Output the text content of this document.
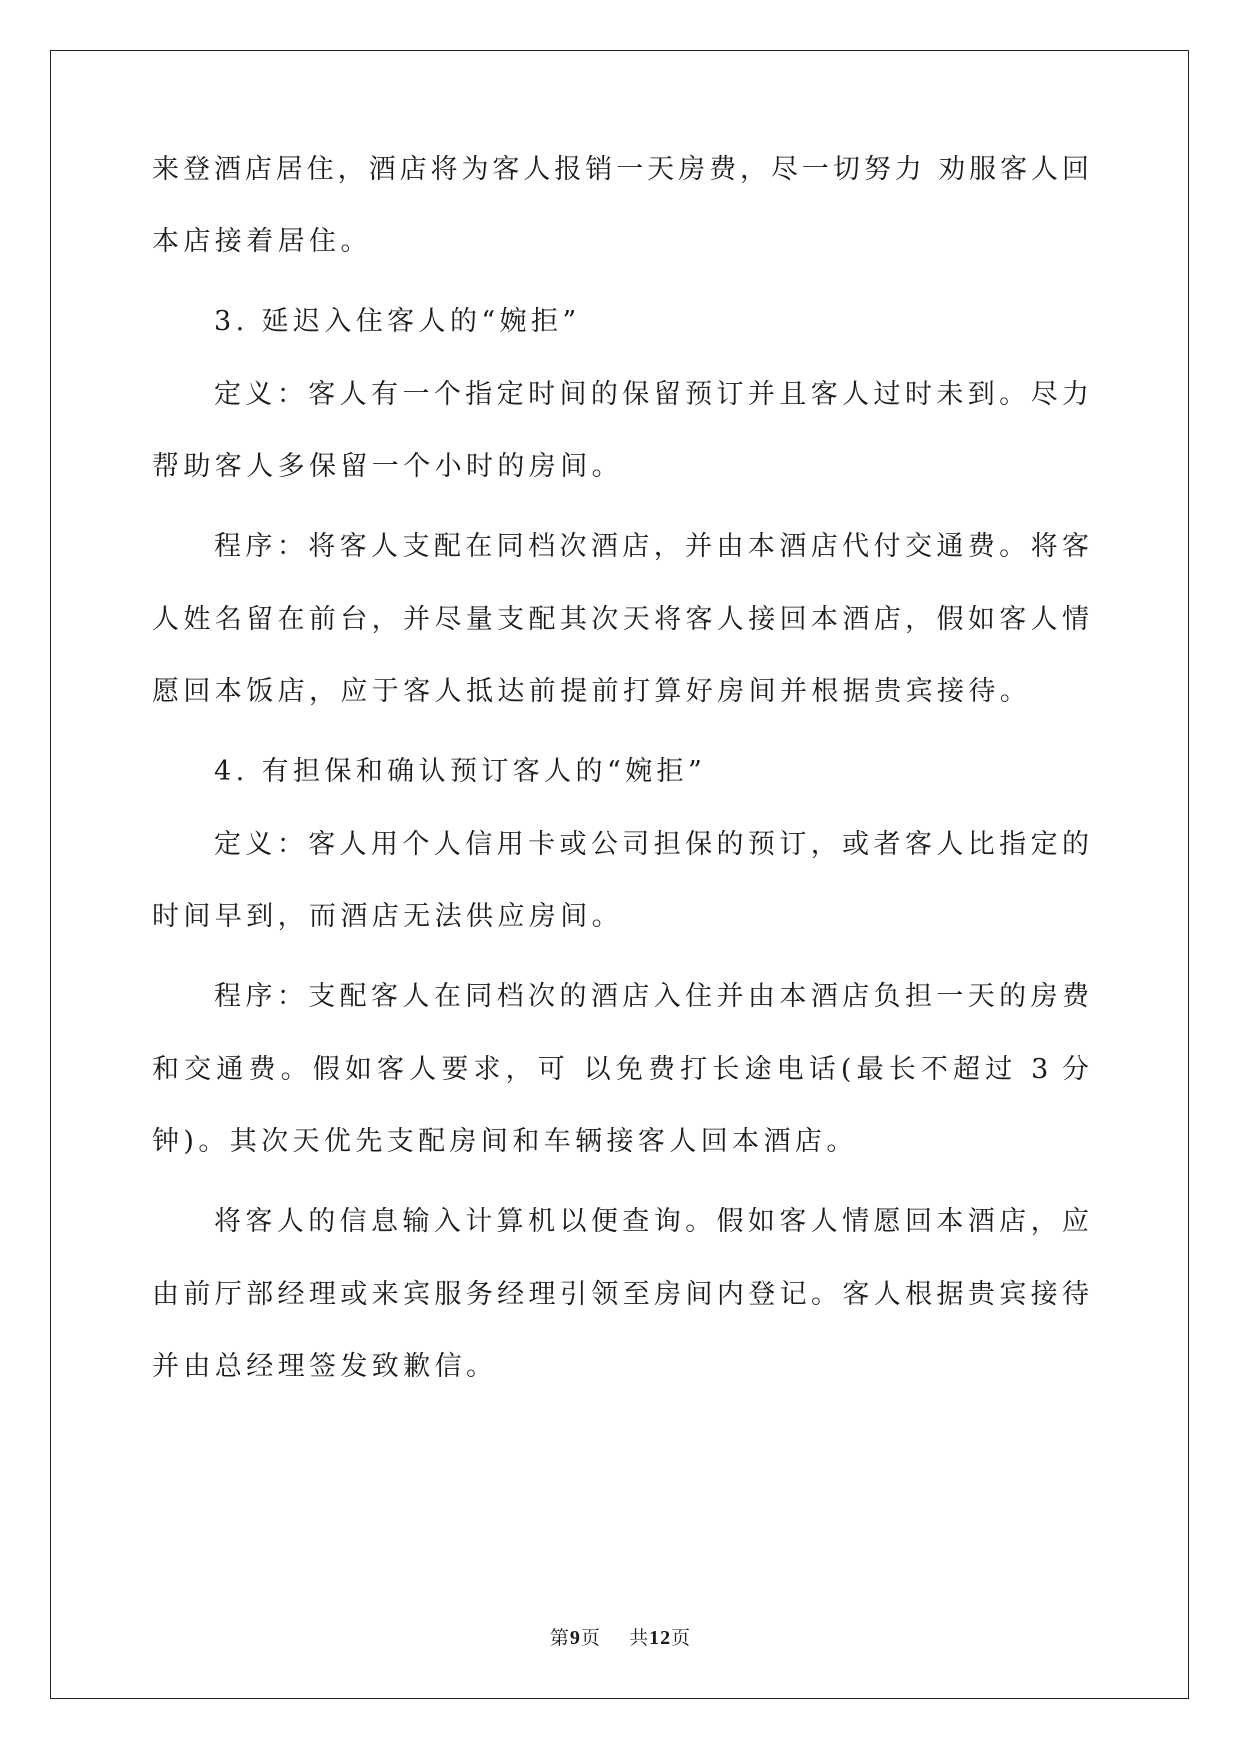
来登酒店居住，酒店将为客人报销一天房费，尽一切努力 劝服客人回
本店接着居住。
3. 延迟入住客人的“婉拒”
定义：客人有一个指定时间的保留预订并且客人过时未到。尽力
帮助客人多保留一个小时的房间。
程序：将客人支配在同档次酒店，并由本酒店代付交通费。将客
人姓名留在前台，并尽量支配其次天将客人接回本酒店，假如客人情
愿回本饭店，应于客人抵达前提前打算好房间并根据贵宾接待。
4. 有担保和确认预订客人的“婉拒”
定义：客人用个人信用卡或公司担保的预订，或者客人比指定的
时间早到，而酒店无法供应房间。
程序：支配客人在同档次的酒店入住并由本酒店负担一天的房费
和交通费。假如客人要求，可 以免费打长途电话(最长不超过 3 分
钟)。其次天优先支配房间和车辆接客人回本酒店。
将客人的信息输入计算机以便查询。假如客人情愿回本酒店，应
由前厅部经理或来宾服务经理引领至房间内登记。客人根据贵宾接待
并由总经理签发致歉信。
第9页 共12页
